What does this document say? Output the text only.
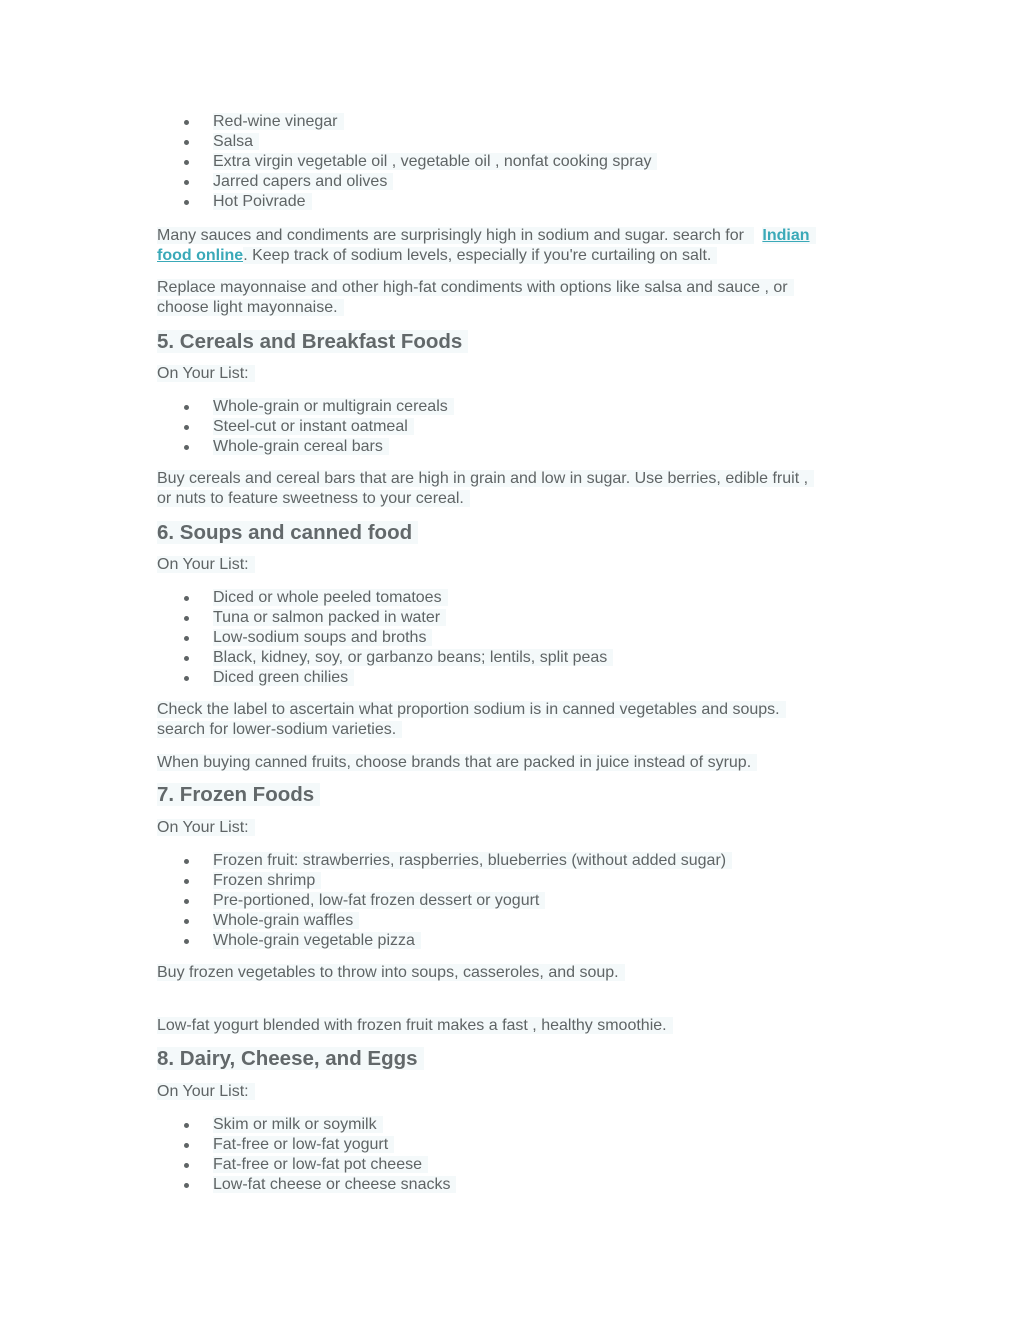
Red-wine vinegar
Salsa
Extra virgin vegetable oil , vegetable oil , nonfat cooking spray
Jarred capers and olives
Hot Poivrade

Many sauces and condiments are surprisingly high in sodium and sugar. search for Indian
food online. Keep track of sodium levels, especially if you're curtailing on salt.

Replace mayonnaise and other high-fat condiments with options like salsa and sauce , or
choose light mayonnaise.

5. Cereals and Breakfast Foods

On Your List:

Whole-grain or multigrain cereals
Steel-cut or instant oatmeal
Whole-grain cereal bars

Buy cereals and cereal bars that are high in grain and low in sugar. Use berries, edible fruit ,
or nuts to feature sweetness to your cereal.

6. Soups and canned food

On Your List:

Diced or whole peeled tomatoes
Tuna or salmon packed in water
Low-sodium soups and broths
Black, kidney, soy, or garbanzo beans; lentils, split peas
Diced green chilies

Check the label to ascertain what proportion sodium is in canned vegetables and soups.
search for lower-sodium varieties.

When buying canned fruits, choose brands that are packed in juice instead of syrup.

7. Frozen Foods

On Your List:

Frozen fruit: strawberries, raspberries, blueberries (without added sugar)
Frozen shrimp
Pre-portioned, low-fat frozen dessert or yogurt
Whole-grain waffles
Whole-grain vegetable pizza

Buy frozen vegetables to throw into soups, casseroles, and soup.

Low-fat yogurt blended with frozen fruit makes a fast , healthy smoothie.

8. Dairy, Cheese, and Eggs

On Your List:

Skim or milk or soymilk
Fat-free or low-fat yogurt
Fat-free or low-fat pot cheese
Low-fat cheese or cheese snacks
